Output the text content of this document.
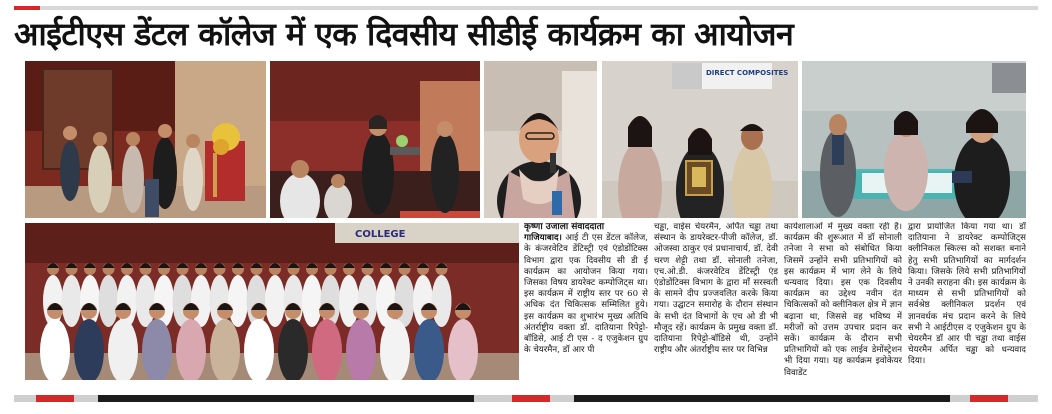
आईटीएस डेंटल कॉलेज में एक दिवसीय सीडीई कार्यक्रम का आयोजन
DIRECT COMPOSITES
COLLEGE
कृष्णा उजाला संवाददाता
गाजियाबाद। आई टी एस डेंटल कॉलेज, के कंजरवेटिव डेंटिस्ट्री एवं एंडोडोंटिक्स विभाग द्वारा एक दिवसीय सी डी ई कार्यक्रम का आयोजन किया गया। जिसका विषय डायरेक्ट कम्पोजिट्स था। इस कार्यक्रम में राष्ट्रीय स्तर पर 60 से अधिक दंत चिकित्सक सम्मिलित हुये। इस कार्यक्रम का शुभारंभ मुख्य अतिथि अंतर्राष्ट्रीय वक्ता डॉ. दातियाना रिपेट्टो-बॉडिसे, आई टी एस - द एजुकेशन ग्रुप के चेयरमैन, डॉ आर पी
चड्ढा, वाईस चेयरमैन, अर्पित चड्ढा तथा संस्थान के डायरेक्टर-पीजी कॉलेज, डॉ. ओजस्वा ठाकुर एवं प्रधानाचार्य, डॉ. देवी चरण शेट्टी तथा डॉ. सोनाली तनेजा, एच.ओ.डी. कंजरवेटिव डेंटिस्ट्री एंड एंडोडोंटिक्स विभाग के द्वारा माँ सरस्वती के सामने दीप प्रज्जवलित करके किया गया। उद्घाटन समारोह के दौरान संस्थान के सभी दंत विभागों के एच ओ डी भी मौजूद रहें। कार्यक्रम के प्रमुख वक्ता डॉ. दातियाना रिपेट्टो-बॉडिसे थी, उन्होंने राष्ट्रीय और अंतर्राष्ट्रीय स्तर पर विभिन्न
कार्यशालाओं में मुख्य वक्ता रही है। कार्यक्रम की शुरूआत में डॉ सोनाली तनेजा ने सभा को संबोधित किया जिसमें उन्होंने सभी प्रतिभागियों को इस कार्यक्रम में भाग लेने के लिये धन्यवाद दिया। इस एक दिवसीय कार्यक्रम का उद्देश्य नवीन दंत चिकित्सकों को क्लीनिकल क्षेत्र में ज्ञान बढ़ाना था, जिससे वह भविष्य में मरीजों को उत्तम उपचार प्रदान कर सकें। कार्यक्रम के दौरान सभी प्रतिभागियों को एक लाईव डेमोंस्ट्रेशन भी दिया गया। यह कार्यक्रम इवोकेयर विवाडेंट
द्वारा प्रायोजित किया गया था। डॉ दातियाना ने डायरेक्ट कम्पोजिट्स क्लीनिकल स्किल्स को सशक्त बनाने हेतु सभी प्रतिभागियों का मार्गदर्शन किया। जिसके लिये सभी प्रतिभागियों ने उनकी सराहना की। इस कार्यक्रम के माध्यम से सभी प्रतिभागियों को सर्वश्रेष्ठ क्लीनिकल प्रदर्शन एवं ज्ञानवर्धक मंच प्रदान करने के लिये सभी ने आईटीएस द एजुकेशन ग्रुप के चेयरमैन डॉ आर पी चड्ढा तथा वाईस चेयरमैन अर्पित चड्ढा को धन्यवाद दिया।
